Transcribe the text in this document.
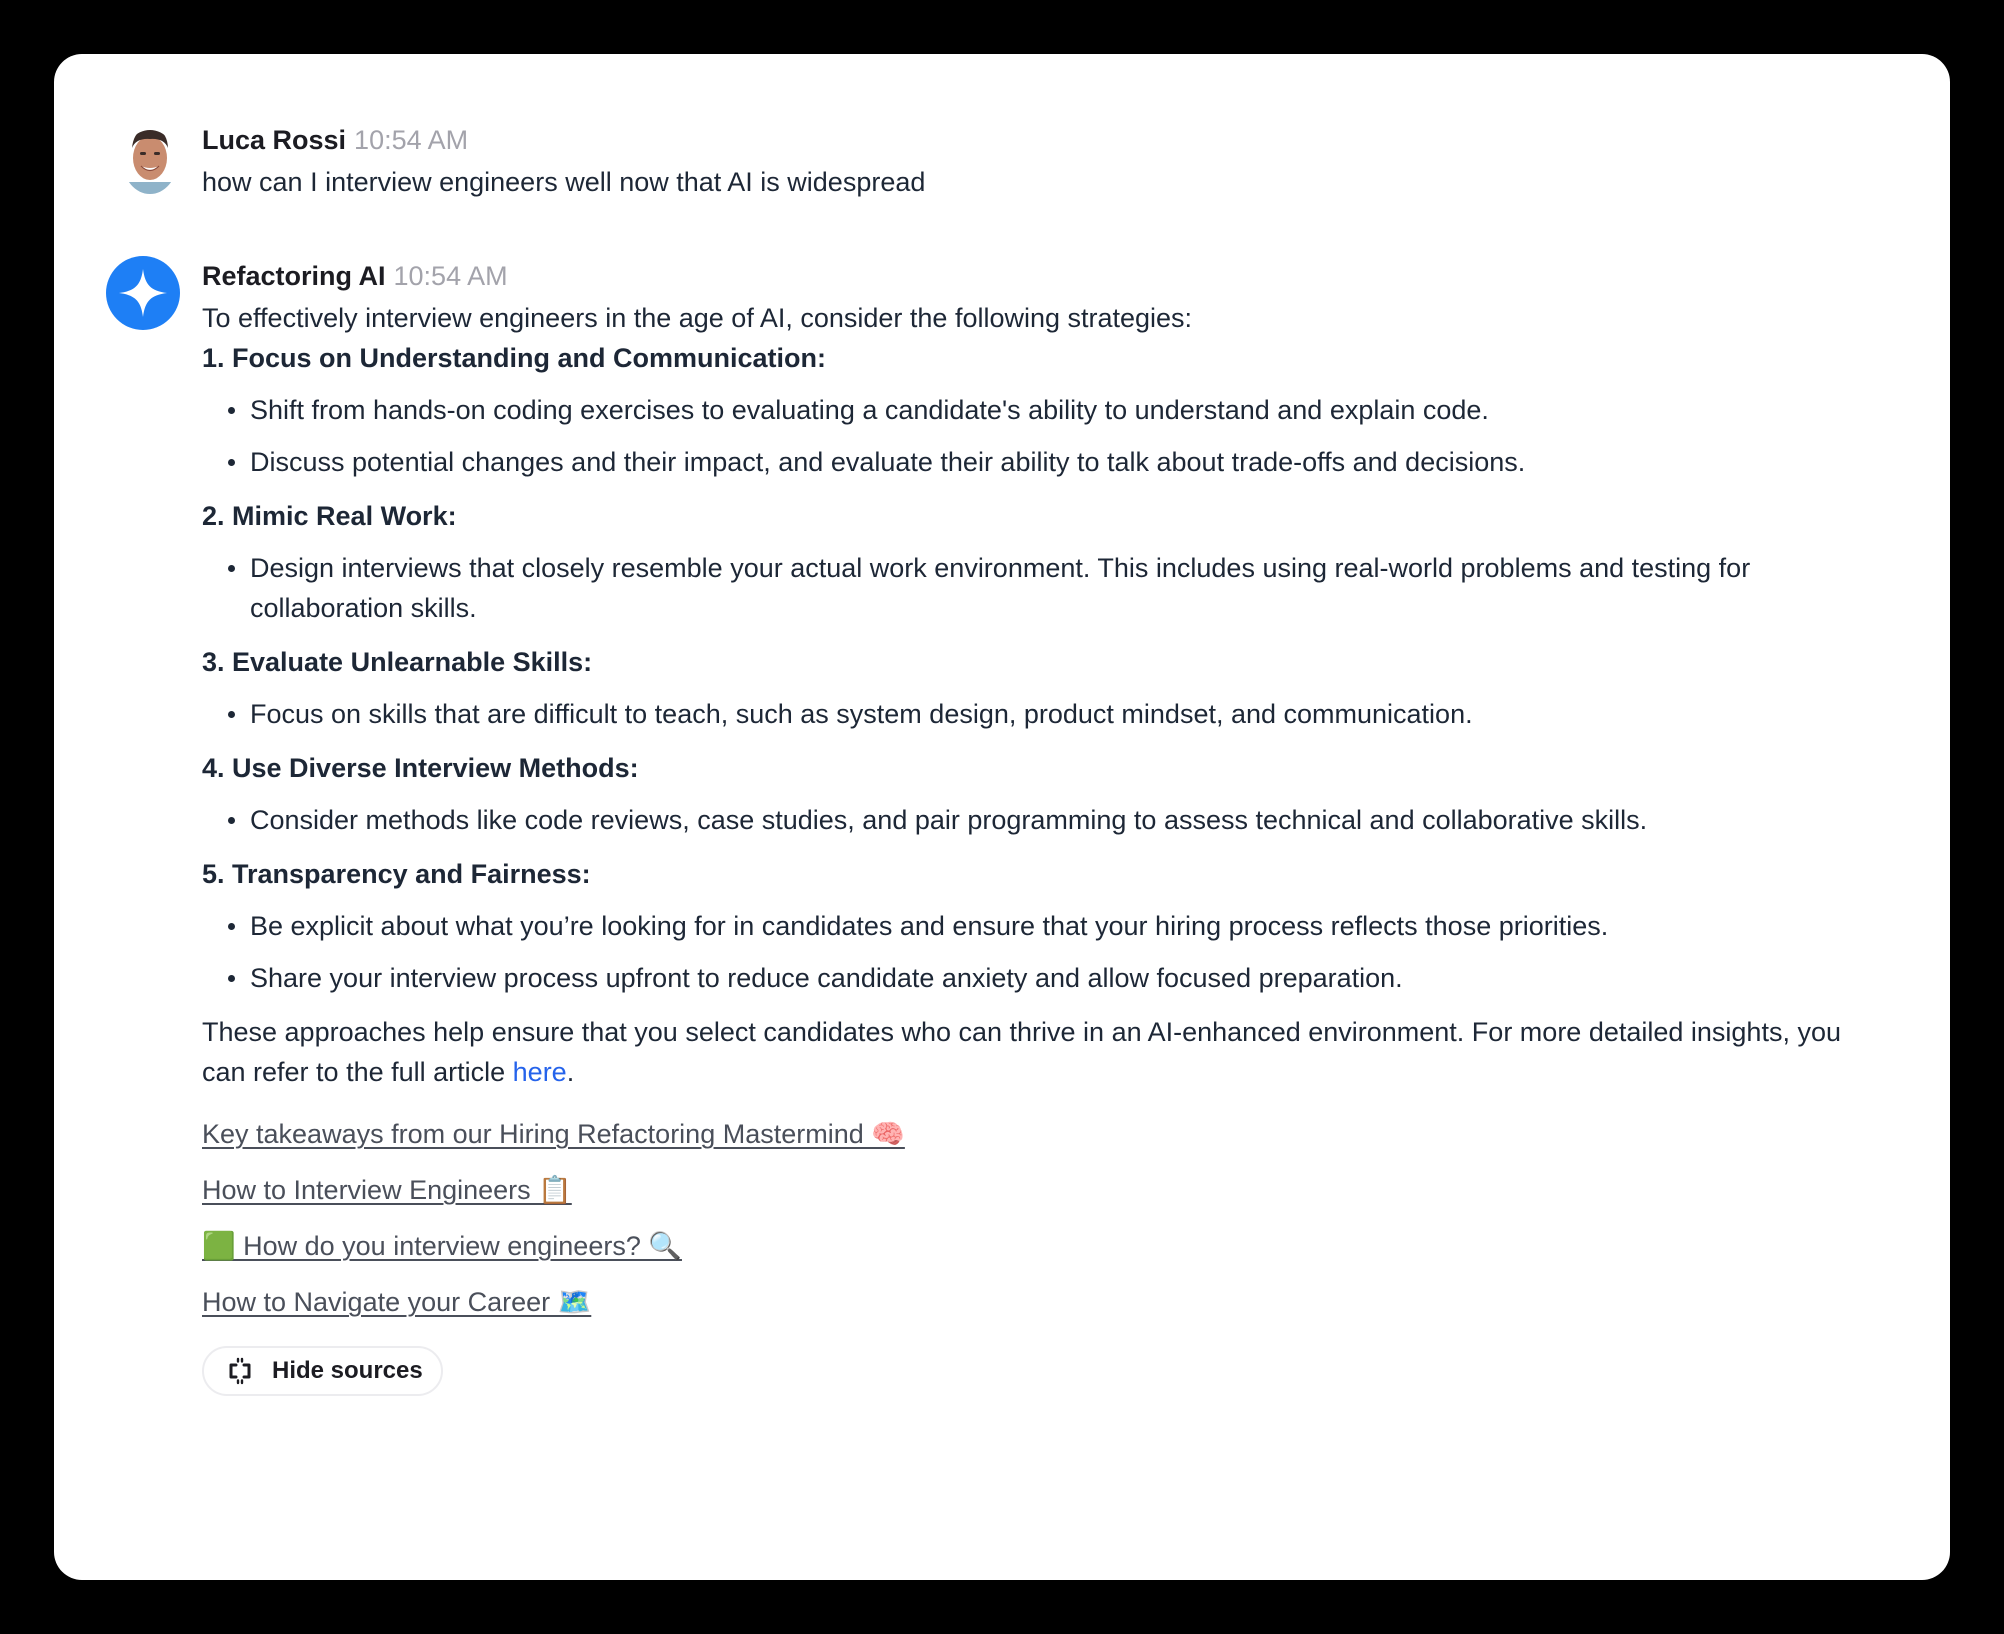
Luca Rossi 10:54 AM
how can I interview engineers well now that AI is widespread
Refactoring AI 10:54 AM
To effectively interview engineers in the age of AI, consider the following strategies:
1. Focus on Understanding and Communication:
Shift from hands-on coding exercises to evaluating a candidate's ability to understand and explain code.
Discuss potential changes and their impact, and evaluate their ability to talk about trade-offs and decisions.
2. Mimic Real Work:
Design interviews that closely resemble your actual work environment. This includes using real-world problems and testing for collaboration skills.
3. Evaluate Unlearnable Skills:
Focus on skills that are difficult to teach, such as system design, product mindset, and communication.
4. Use Diverse Interview Methods:
Consider methods like code reviews, case studies, and pair programming to assess technical and collaborative skills.
5. Transparency and Fairness:
Be explicit about what you’re looking for in candidates and ensure that your hiring process reflects those priorities.
Share your interview process upfront to reduce candidate anxiety and allow focused preparation.
These approaches help ensure that you select candidates who can thrive in an AI-enhanced environment. For more detailed insights, you can refer to the full article here.
Key takeaways from our Hiring Refactoring Mastermind 🧠
How to Interview Engineers 📋
🟩 How do you interview engineers? 🔍
How to Navigate your Career 🗺️
Hide sources
